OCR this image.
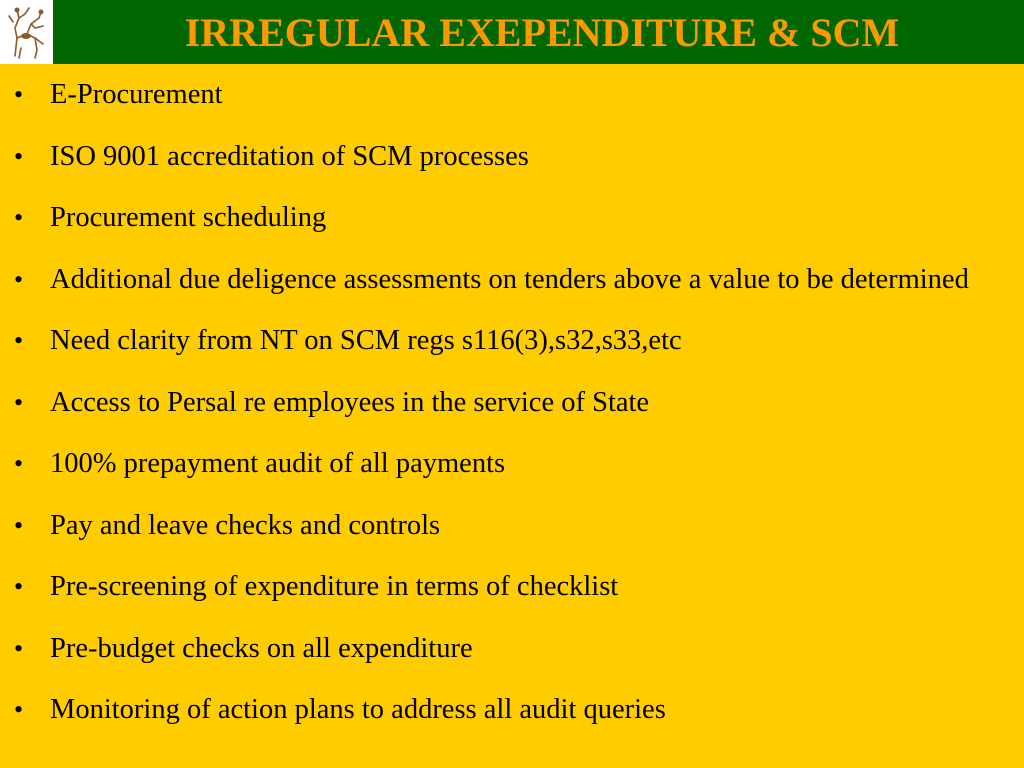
IRREGULAR EXEPENDITURE & SCM
• E-Procurement
• ISO 9001 accreditation of SCM processes
• Procurement scheduling
• Additional due deligence assessments on tenders above a value to be determined
• Need clarity from NT on SCM regs s116(3),s32,s33,etc
• Access to Persal re employees in the service of State
• 100% prepayment audit of all payments
• Pay and leave checks and controls
• Pre-screening of expenditure in terms of checklist
• Pre-budget checks on all expenditure
• Monitoring of action plans to address all audit queries
